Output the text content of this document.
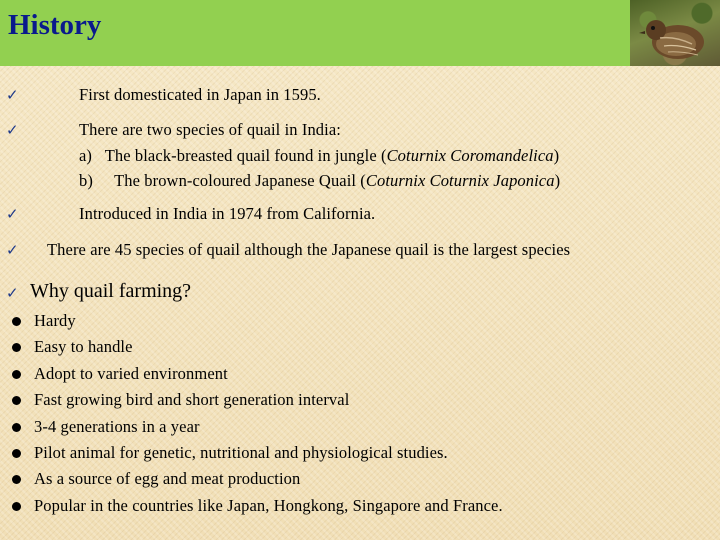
History
✓	First domesticated in Japan in 1595.
✓	There are two species of quail in India:
a) The black-breasted quail found in jungle (Coturnix Coromandelica)
b) The brown-coloured Japanese Quail (Coturnix Coturnix Japonica)
✓	Introduced in India in 1974 from California.
✓ There are 45 species of quail although the Japanese quail is the largest species
✓ Why quail farming?
Hardy
Easy to handle
Adopt to varied environment
Fast growing bird and short generation interval
3-4 generations in a year
Pilot animal for genetic, nutritional and physiological studies.
As a source of egg and meat production
Popular in the countries like Japan, Hongkong, Singapore and France.
